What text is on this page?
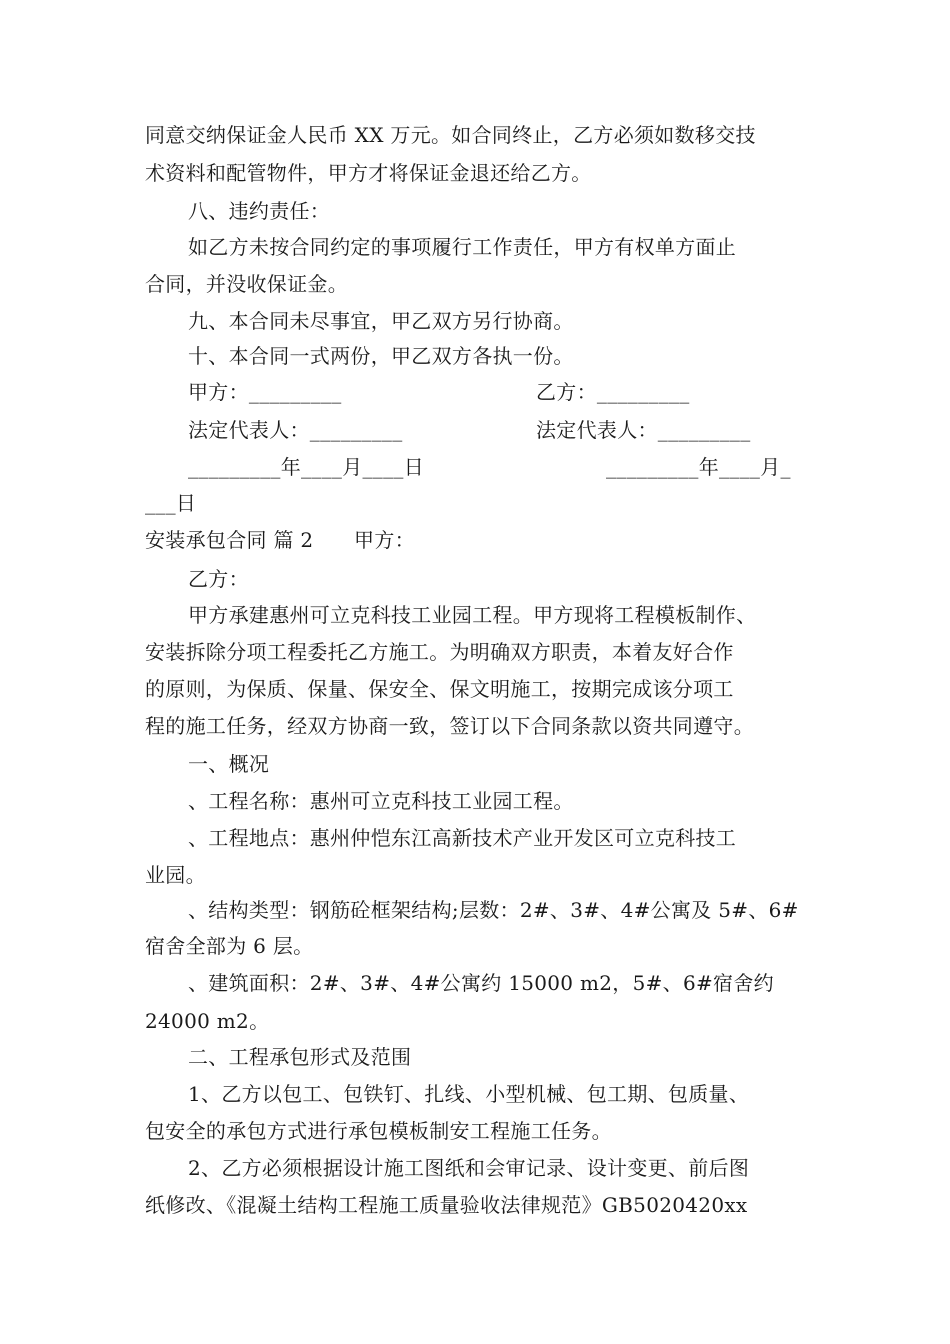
同意交纳保证金人民币 XX 万元。如合同终止，乙方必须如数移交技
术资料和配管物件，甲方才将保证金退还给乙方。
八、违约责任：
如乙方未按合同约定的事项履行工作责任，甲方有权单方面止
合同，并没收保证金。
九、本合同未尽事宜，甲乙双方另行协商。
十、本合同一式两份，甲乙双方各执一份。
甲方：_________	乙方：_________
法定代表人：_________	法定代表人：_________
_________年____月____日	_________年____月_
___日
安装承包合同 篇 2　　甲方：
乙方：
甲方承建惠州可立克科技工业园工程。甲方现将工程模板制作、
安装拆除分项工程委托乙方施工。为明确双方职责，本着友好合作
的原则，为保质、保量、保安全、保文明施工，按期完成该分项工
程的施工任务，经双方协商一致，签订以下合同条款以资共同遵守。
一、概况
、工程名称：惠州可立克科技工业园工程。
、工程地点：惠州仲恺东江高新技术产业开发区可立克科技工
业园。
、结构类型：钢筋砼框架结构;层数：2#、3#、4#公寓及 5#、6#
宿舍全部为 6 层。
、建筑面积：2#、3#、4#公寓约 15000 m2，5#、6#宿舍约
24000 m2。
二、工程承包形式及范围
1、乙方以包工、包铁钉、扎线、小型机械、包工期、包质量、
包安全的承包方式进行承包模板制安工程施工任务。
2、乙方必须根据设计施工图纸和会审记录、设计变更、前后图
纸修改、《混凝土结构工程施工质量验收法律规范》GB5020420xx
